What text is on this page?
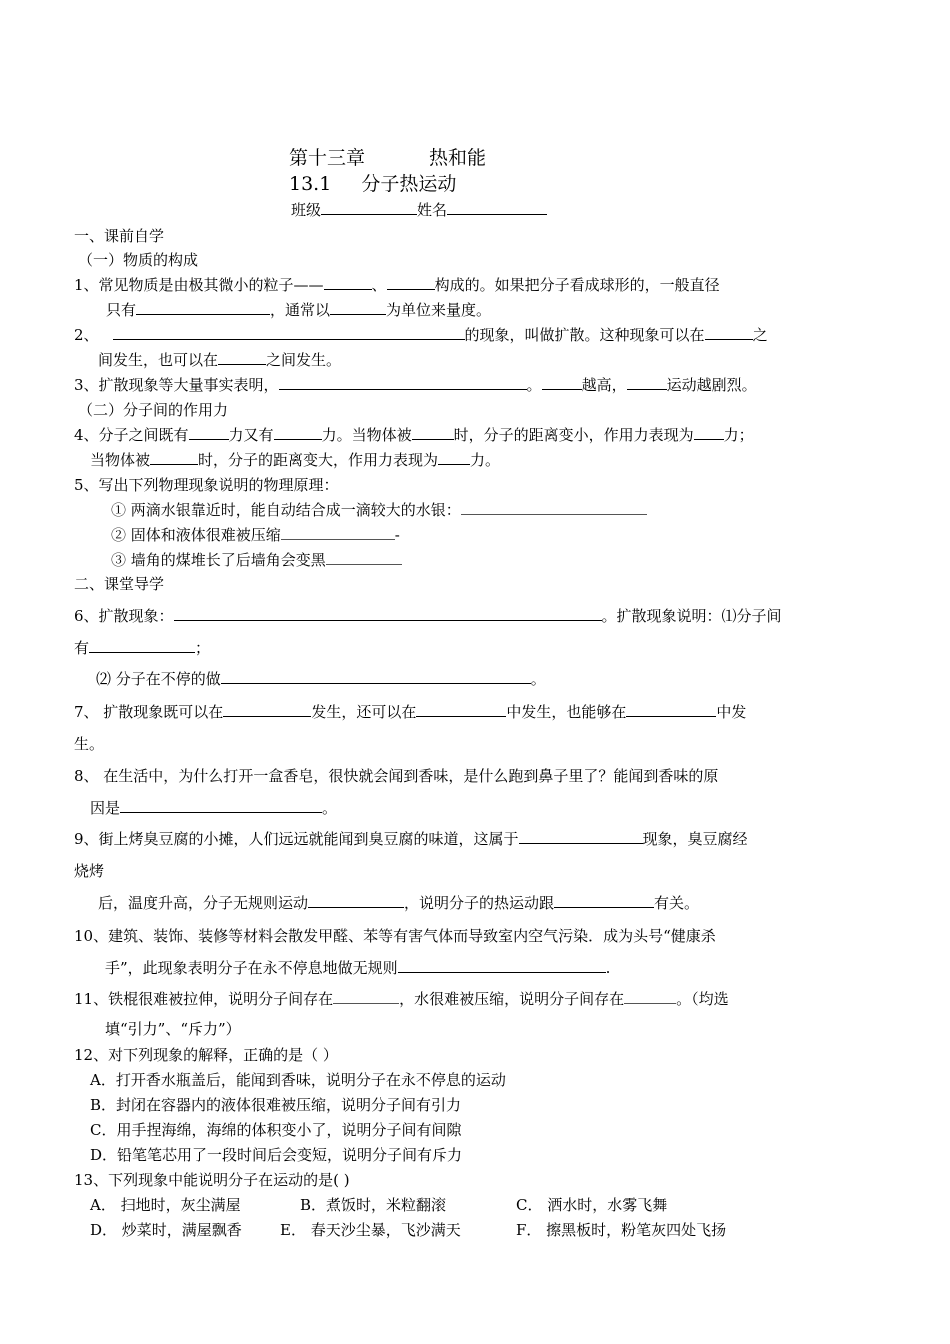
第十三章	热和能
13.1 分子热运动
班级	姓名
一、课前自学
（一）物质的构成
1、常见物质是由极其微小的粒子——	、	构成的。如果把分子看成球形的，一般直径
只有	，通常以	为单位来量度。
2、	的现象，叫做扩散。这种现象可以在	之
间发生，也可以在	之间发生。
3、扩散现象等大量事实表明，	。	越高，	运动越剧烈。
（二）分子间的作用力
4、分子之间既有	力又有	力。当物体被	时，分子的距离变小，作用力表现为 力；
当物体被	时，分子的距离变大，作用力表现为 力。
5、写出下列物理现象说明的物理原理：
① 两滴水银靠近时，能自动结合成一滴较大的水银：
② 固体和液体很难被压缩	-
③ 墙角的煤堆长了后墙角会变黑
二、课堂导学
6、扩散现象：	。扩散现象说明：⑴分子间
有	；
⑵ 分子在不停的做	。
7、 扩散现象既可以在	发生，还可以在	中发生，也能够在	中发
生。
8、 在生活中，为什么打开一盒香皂，很快就会闻到香味，是什么跑到鼻子里了？能闻到香味的原
因是	。
9、街上烤臭豆腐的小摊，人们远远就能闻到臭豆腐的味道，这属于	现象，臭豆腐经
烧烤
后，温度升高，分子无规则运动	，说明分子的热运动跟	有关。
10、建筑、装饰、装修等材料会散发甲醛、苯等有害气体而导致室内空气污染．成为头号“健康杀
手”，此现象表明分子在永不停息地做无规则	.
11、铁棍很难被拉伸，说明分子间存在	，水很难被压缩，说明分子间存在	。（均选
填“引力”、“斥力”）
12、对下列现象的解释，正确的是（ ）
A．打开香水瓶盖后，能闻到香味，说明分子在永不停息的运动
B．封闭在容器内的液体很难被压缩，说明分子间有引力
C．用手捏海绵，海绵的体积变小了，说明分子间有间隙
D．铅笔笔芯用了一段时间后会变短，说明分子间有斥力
13、下列现象中能说明分子在运动的是( )
A． 扫地时，灰尘满屋	B．煮饭时，米粒翻滚	C． 洒水时，水雾飞舞
D． 炒菜时，满屋飘香	E． 春天沙尘暴，飞沙满天	F． 擦黑板时，粉笔灰四处飞扬
